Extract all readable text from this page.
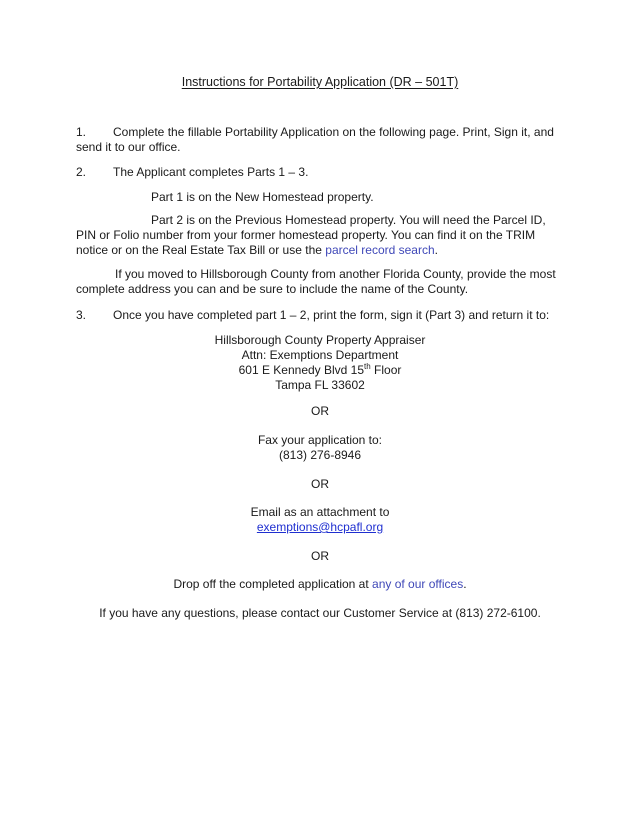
Instructions for Portability Application (DR – 501T)
1. Complete the fillable Portability Application on the following page. Print, Sign it, and send it to our office.
2. The Applicant completes Parts 1 – 3.
Part 1 is on the New Homestead property.
Part 2 is on the Previous Homestead property. You will need the Parcel ID, PIN or Folio number from your former homestead property. You can find it on the TRIM notice or on the Real Estate Tax Bill or use the parcel record search.
If you moved to Hillsborough County from another Florida County, provide the most complete address you can and be sure to include the name of the County.
3. Once you have completed part 1 – 2, print the form, sign it (Part 3) and return it to:
Hillsborough County Property Appraiser
Attn: Exemptions Department
601 E Kennedy Blvd 15th Floor
Tampa FL 33602
OR
Fax your application to:
(813) 276-8946
OR
Email as an attachment to
exemptions@hcpafl.org
OR
Drop off the completed application at any of our offices.
If you have any questions, please contact our Customer Service at (813) 272-6100.
